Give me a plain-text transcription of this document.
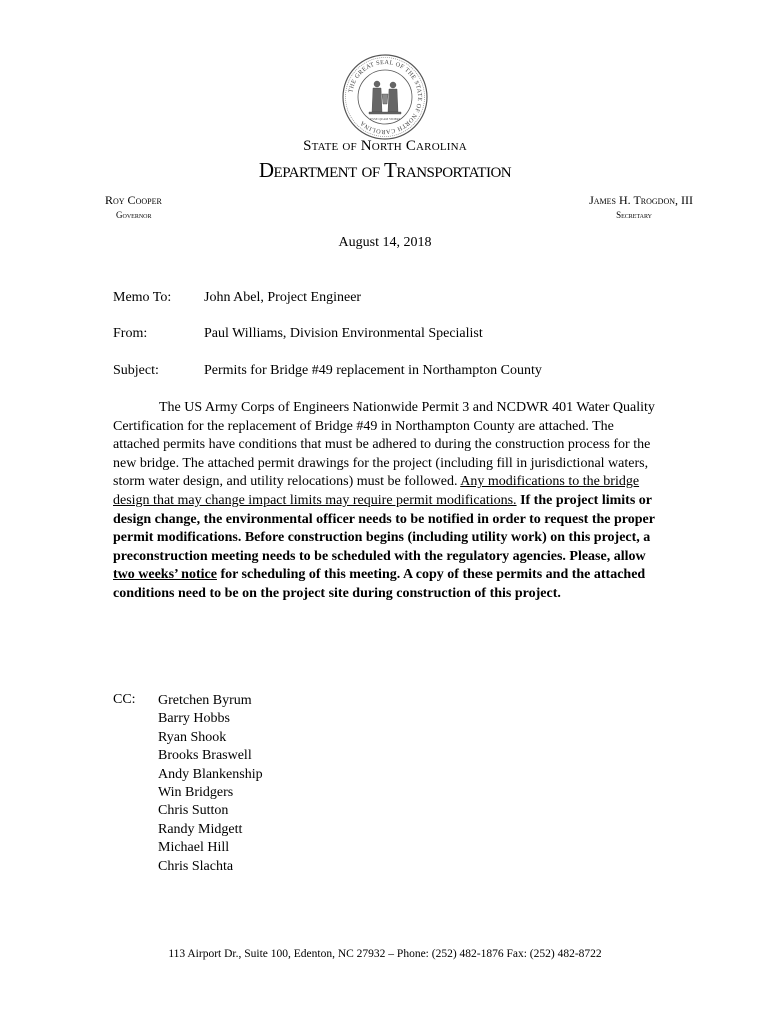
THE GREAT SEAL OF THE STATE OF NORTH CAROLINA
ESSE QUAM VIDERI
State of North Carolina
Department of Transportation
Roy Cooper
Governor
James H. Trogdon, III
Secretary
August 14, 2018
Memo To: John Abel, Project Engineer
From:	Paul Williams, Division Environmental Specialist
Subject:	Permits for Bridge #49 replacement in Northampton County
The US Army Corps of Engineers Nationwide Permit 3 and NCDWR 401 Water Quality Certification for the replacement of Bridge #49 in Northampton County are attached. The attached permits have conditions that must be adhered to during the construction process for the new bridge. The attached permit drawings for the project (including fill in jurisdictional waters, storm water design, and utility relocations) must be followed. Any modifications to the bridge design that may change impact limits may require permit modifications. If the project limits or design change, the environmental officer needs to be notified in order to request the proper permit modifications. Before construction begins (including utility work) on this project, a preconstruction meeting needs to be scheduled with the regulatory agencies. Please, allow two weeks’ notice for scheduling of this meeting. A copy of these permits and the attached conditions need to be on the project site during construction of this project.
CC: Gretchen Byrum
Barry Hobbs
Ryan Shook
Brooks Braswell
Andy Blankenship
Win Bridgers
Chris Sutton
Randy Midgett
Michael Hill
Chris Slachta
113 Airport Dr., Suite 100, Edenton, NC 27932 – Phone: (252) 482-1876 Fax: (252) 482-8722
